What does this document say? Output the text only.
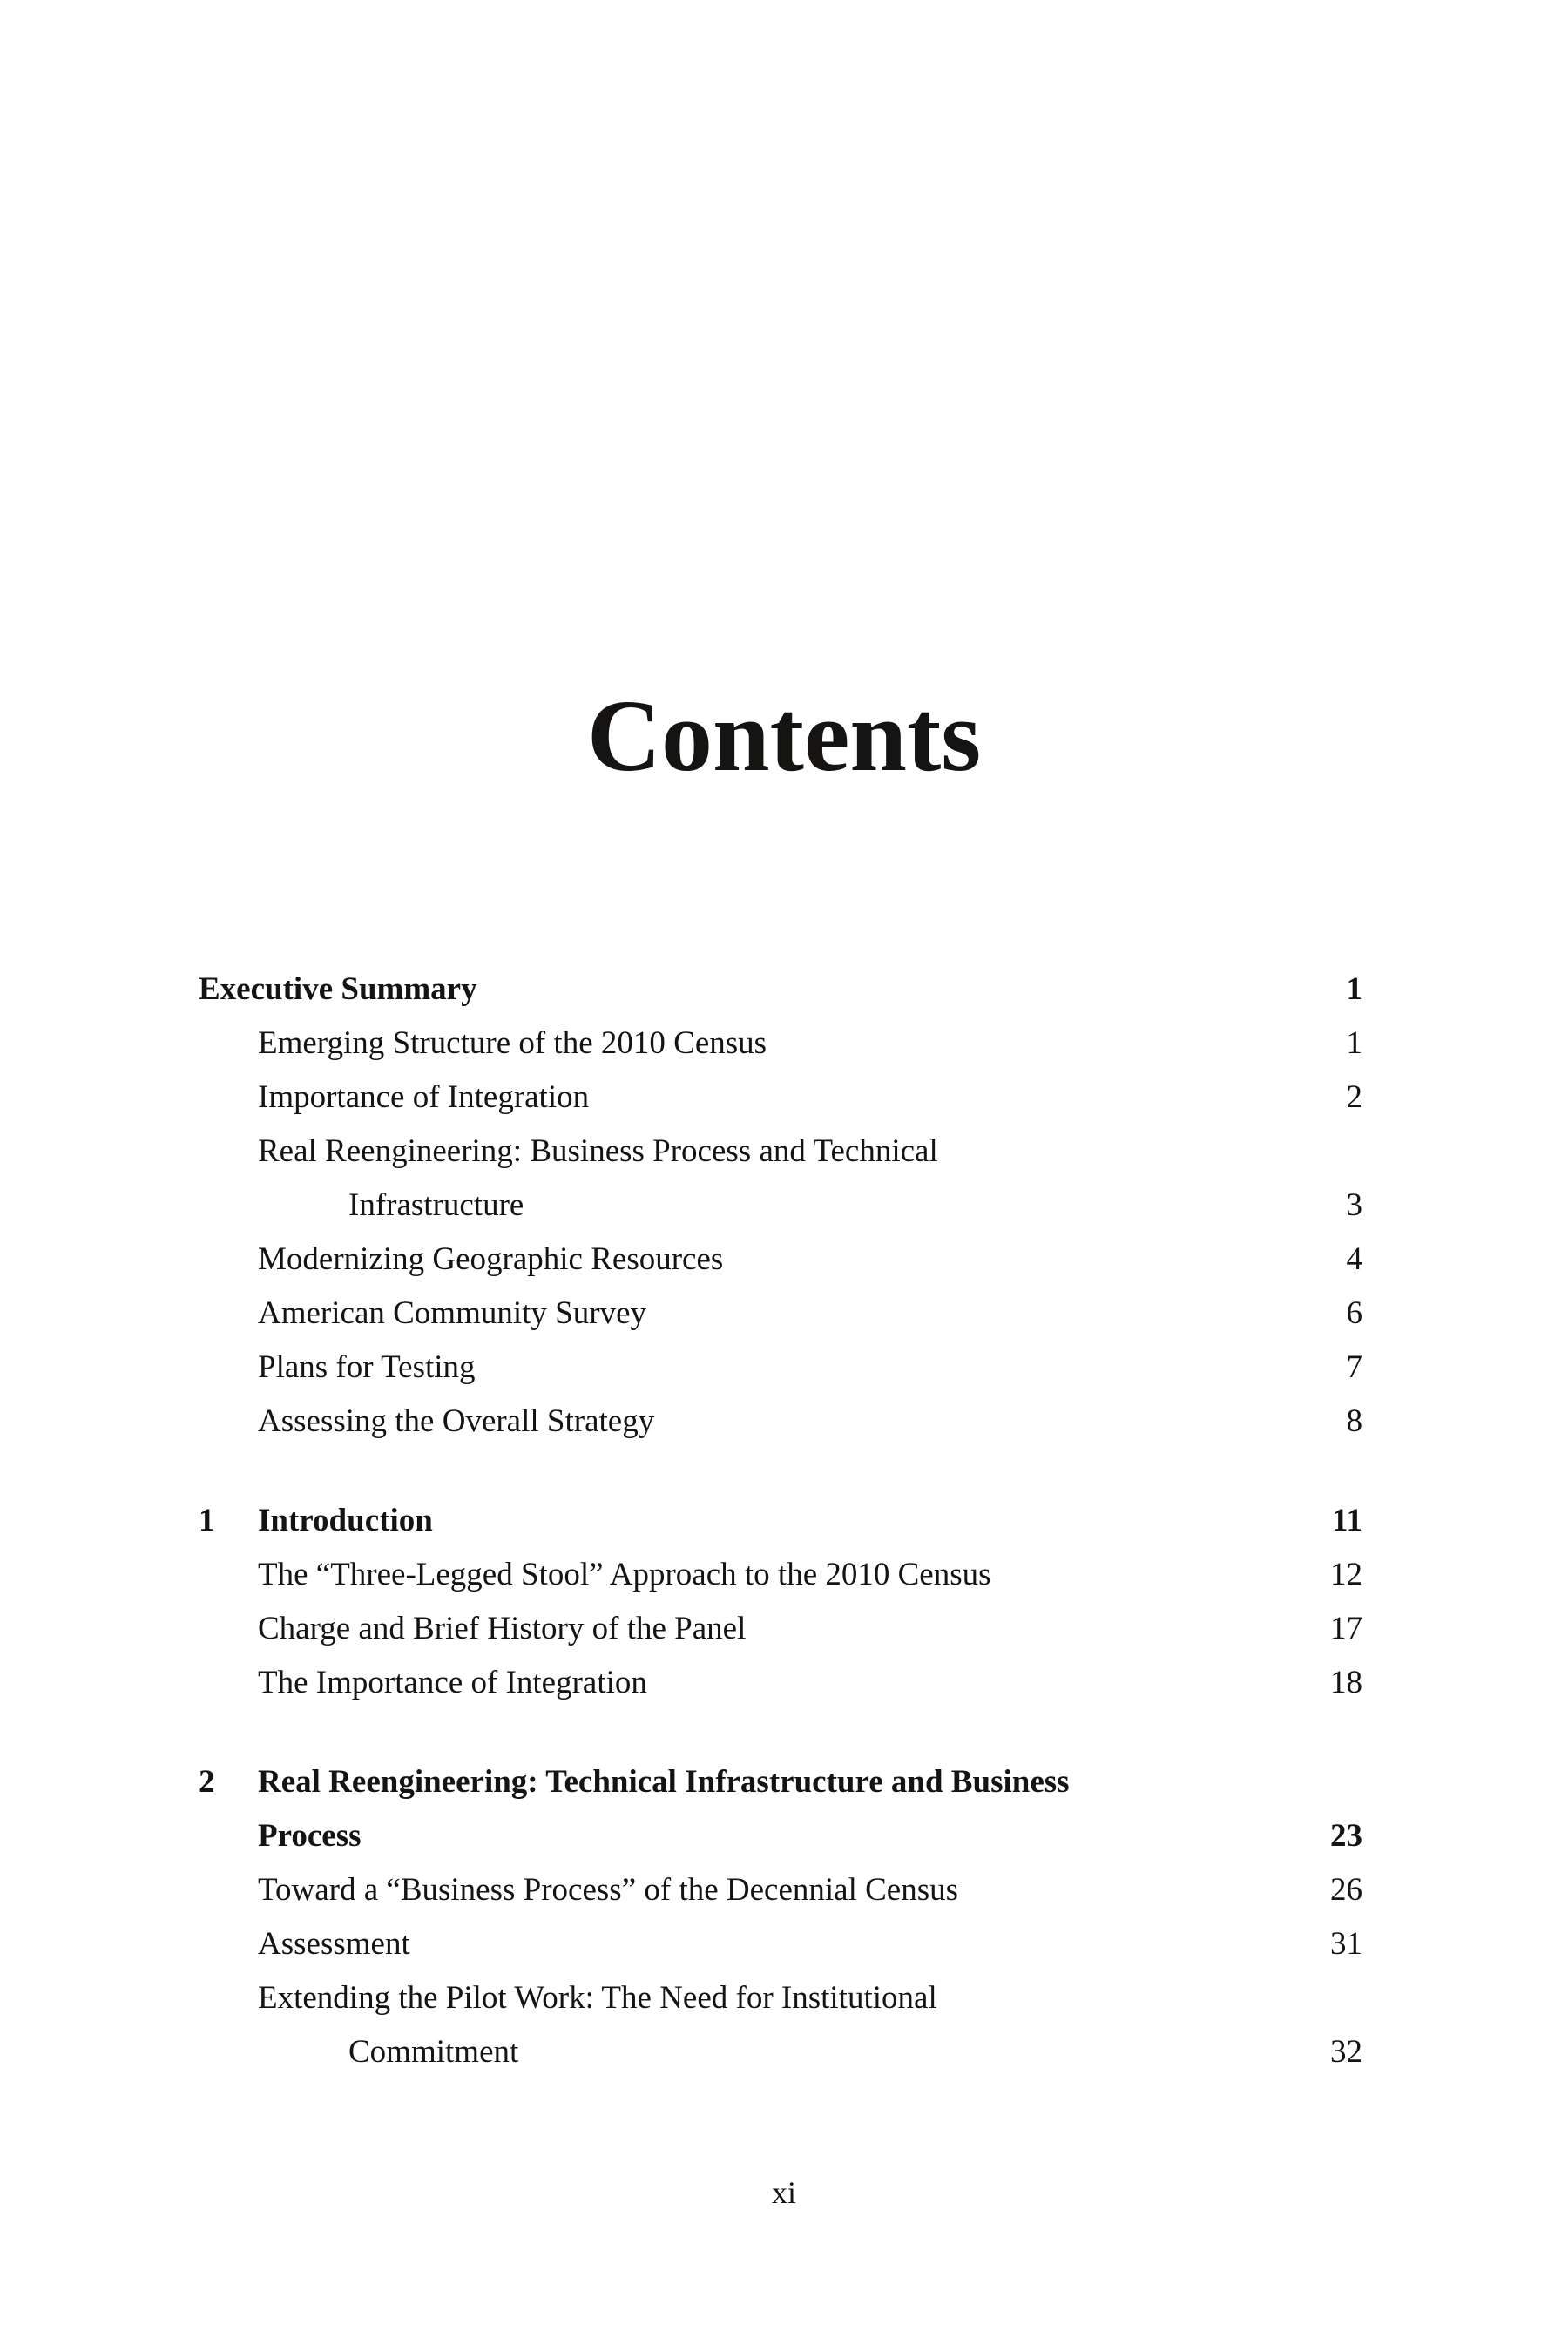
Contents
Executive Summary	1
Emerging Structure of the 2010 Census	1
Importance of Integration	2
Real Reengineering: Business Process and Technical
Infrastructure	3
Modernizing Geographic Resources	4
American Community Survey	6
Plans for Testing	7
Assessing the Overall Strategy	8
1	Introduction	11
The “Three-Legged Stool” Approach to the 2010 Census	12
Charge and Brief History of the Panel	17
The Importance of Integration	18
2	Real Reengineering: Technical Infrastructure and Business
Process	23
Toward a “Business Process” of the Decennial Census	26
Assessment	31
Extending the Pilot Work: The Need for Institutional
Commitment	32
xi
